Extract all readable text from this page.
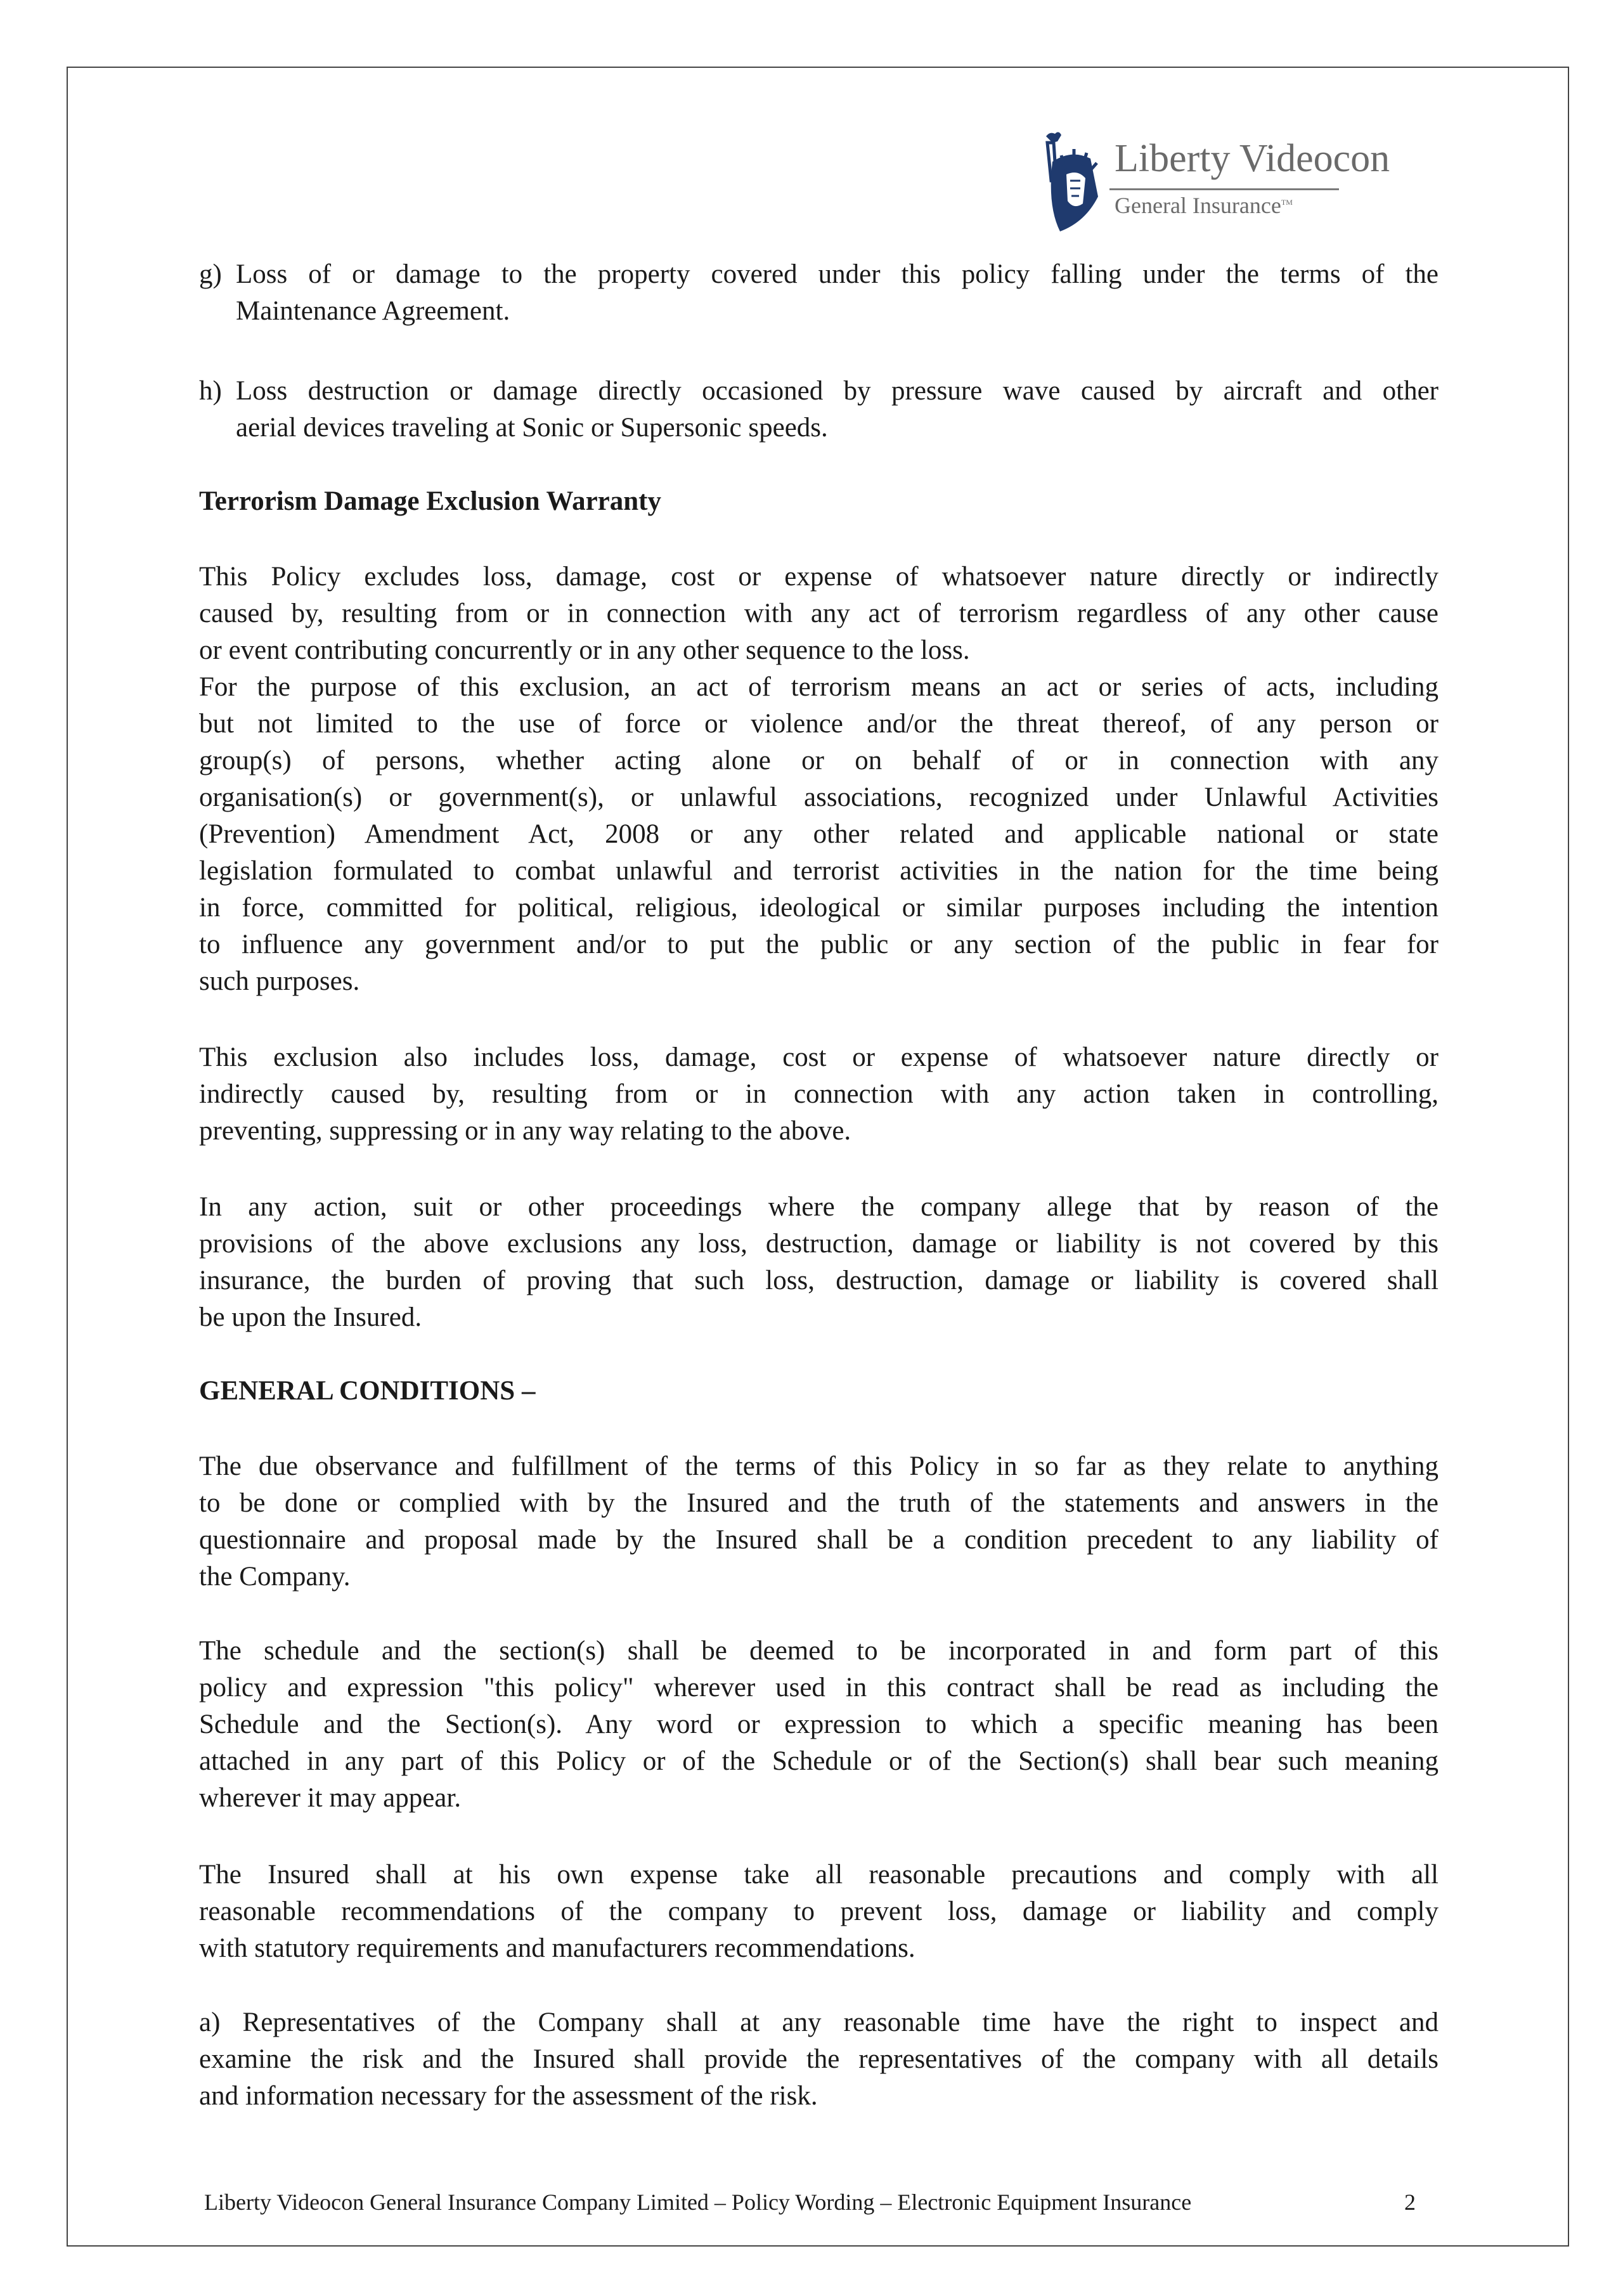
Liberty Videocon
General Insurance™
g) Loss of or damage to the property covered under this policy falling under the terms of the
Maintenance Agreement.
h) Loss destruction or damage directly occasioned by pressure wave caused by aircraft and other
aerial devices traveling at Sonic or Supersonic speeds.
Terrorism Damage Exclusion Warranty
This Policy excludes loss, damage, cost or expense of whatsoever nature directly or indirectly
caused by, resulting from or in connection with any act of terrorism regardless of any other cause
or event contributing concurrently or in any other sequence to the loss.
For the purpose of this exclusion, an act of terrorism means an act or series of acts, including
but not limited to the use of force or violence and/or the threat thereof, of any person or
group(s) of persons, whether acting alone or on behalf of or in connection with any
organisation(s) or government(s), or unlawful associations, recognized under Unlawful Activities
(Prevention) Amendment Act, 2008 or any other related and applicable national or state
legislation formulated to combat unlawful and terrorist activities in the nation for the time being
in force, committed for political, religious, ideological or similar purposes including the intention
to influence any government and/or to put the public or any section of the public in fear for
such purposes.
This exclusion also includes loss, damage, cost or expense of whatsoever nature directly or
indirectly caused by, resulting from or in connection with any action taken in controlling,
preventing, suppressing or in any way relating to the above.
In any action, suit or other proceedings where the company allege that by reason of the
provisions of the above exclusions any loss, destruction, damage or liability is not covered by this
insurance, the burden of proving that such loss, destruction, damage or liability is covered shall
be upon the Insured.
GENERAL CONDITIONS –
The due observance and fulfillment of the terms of this Policy in so far as they relate to anything
to be done or complied with by the Insured and the truth of the statements and answers in the
questionnaire and proposal made by the Insured shall be a condition precedent to any liability of
the Company.
The schedule and the section(s) shall be deemed to be incorporated in and form part of this
policy and expression "this policy" wherever used in this contract shall be read as including the
Schedule and the Section(s). Any word or expression to which a specific meaning has been
attached in any part of this Policy or of the Schedule or of the Section(s) shall bear such meaning
wherever it may appear.
The Insured shall at his own expense take all reasonable precautions and comply with all
reasonable recommendations of the company to prevent loss, damage or liability and comply
with statutory requirements and manufacturers recommendations.
a) Representatives of the Company shall at any reasonable time have the right to inspect and
examine the risk and the Insured shall provide the representatives of the company with all details
and information necessary for the assessment of the risk.
Liberty Videocon General Insurance Company Limited – Policy Wording – Electronic Equipment Insurance	2
